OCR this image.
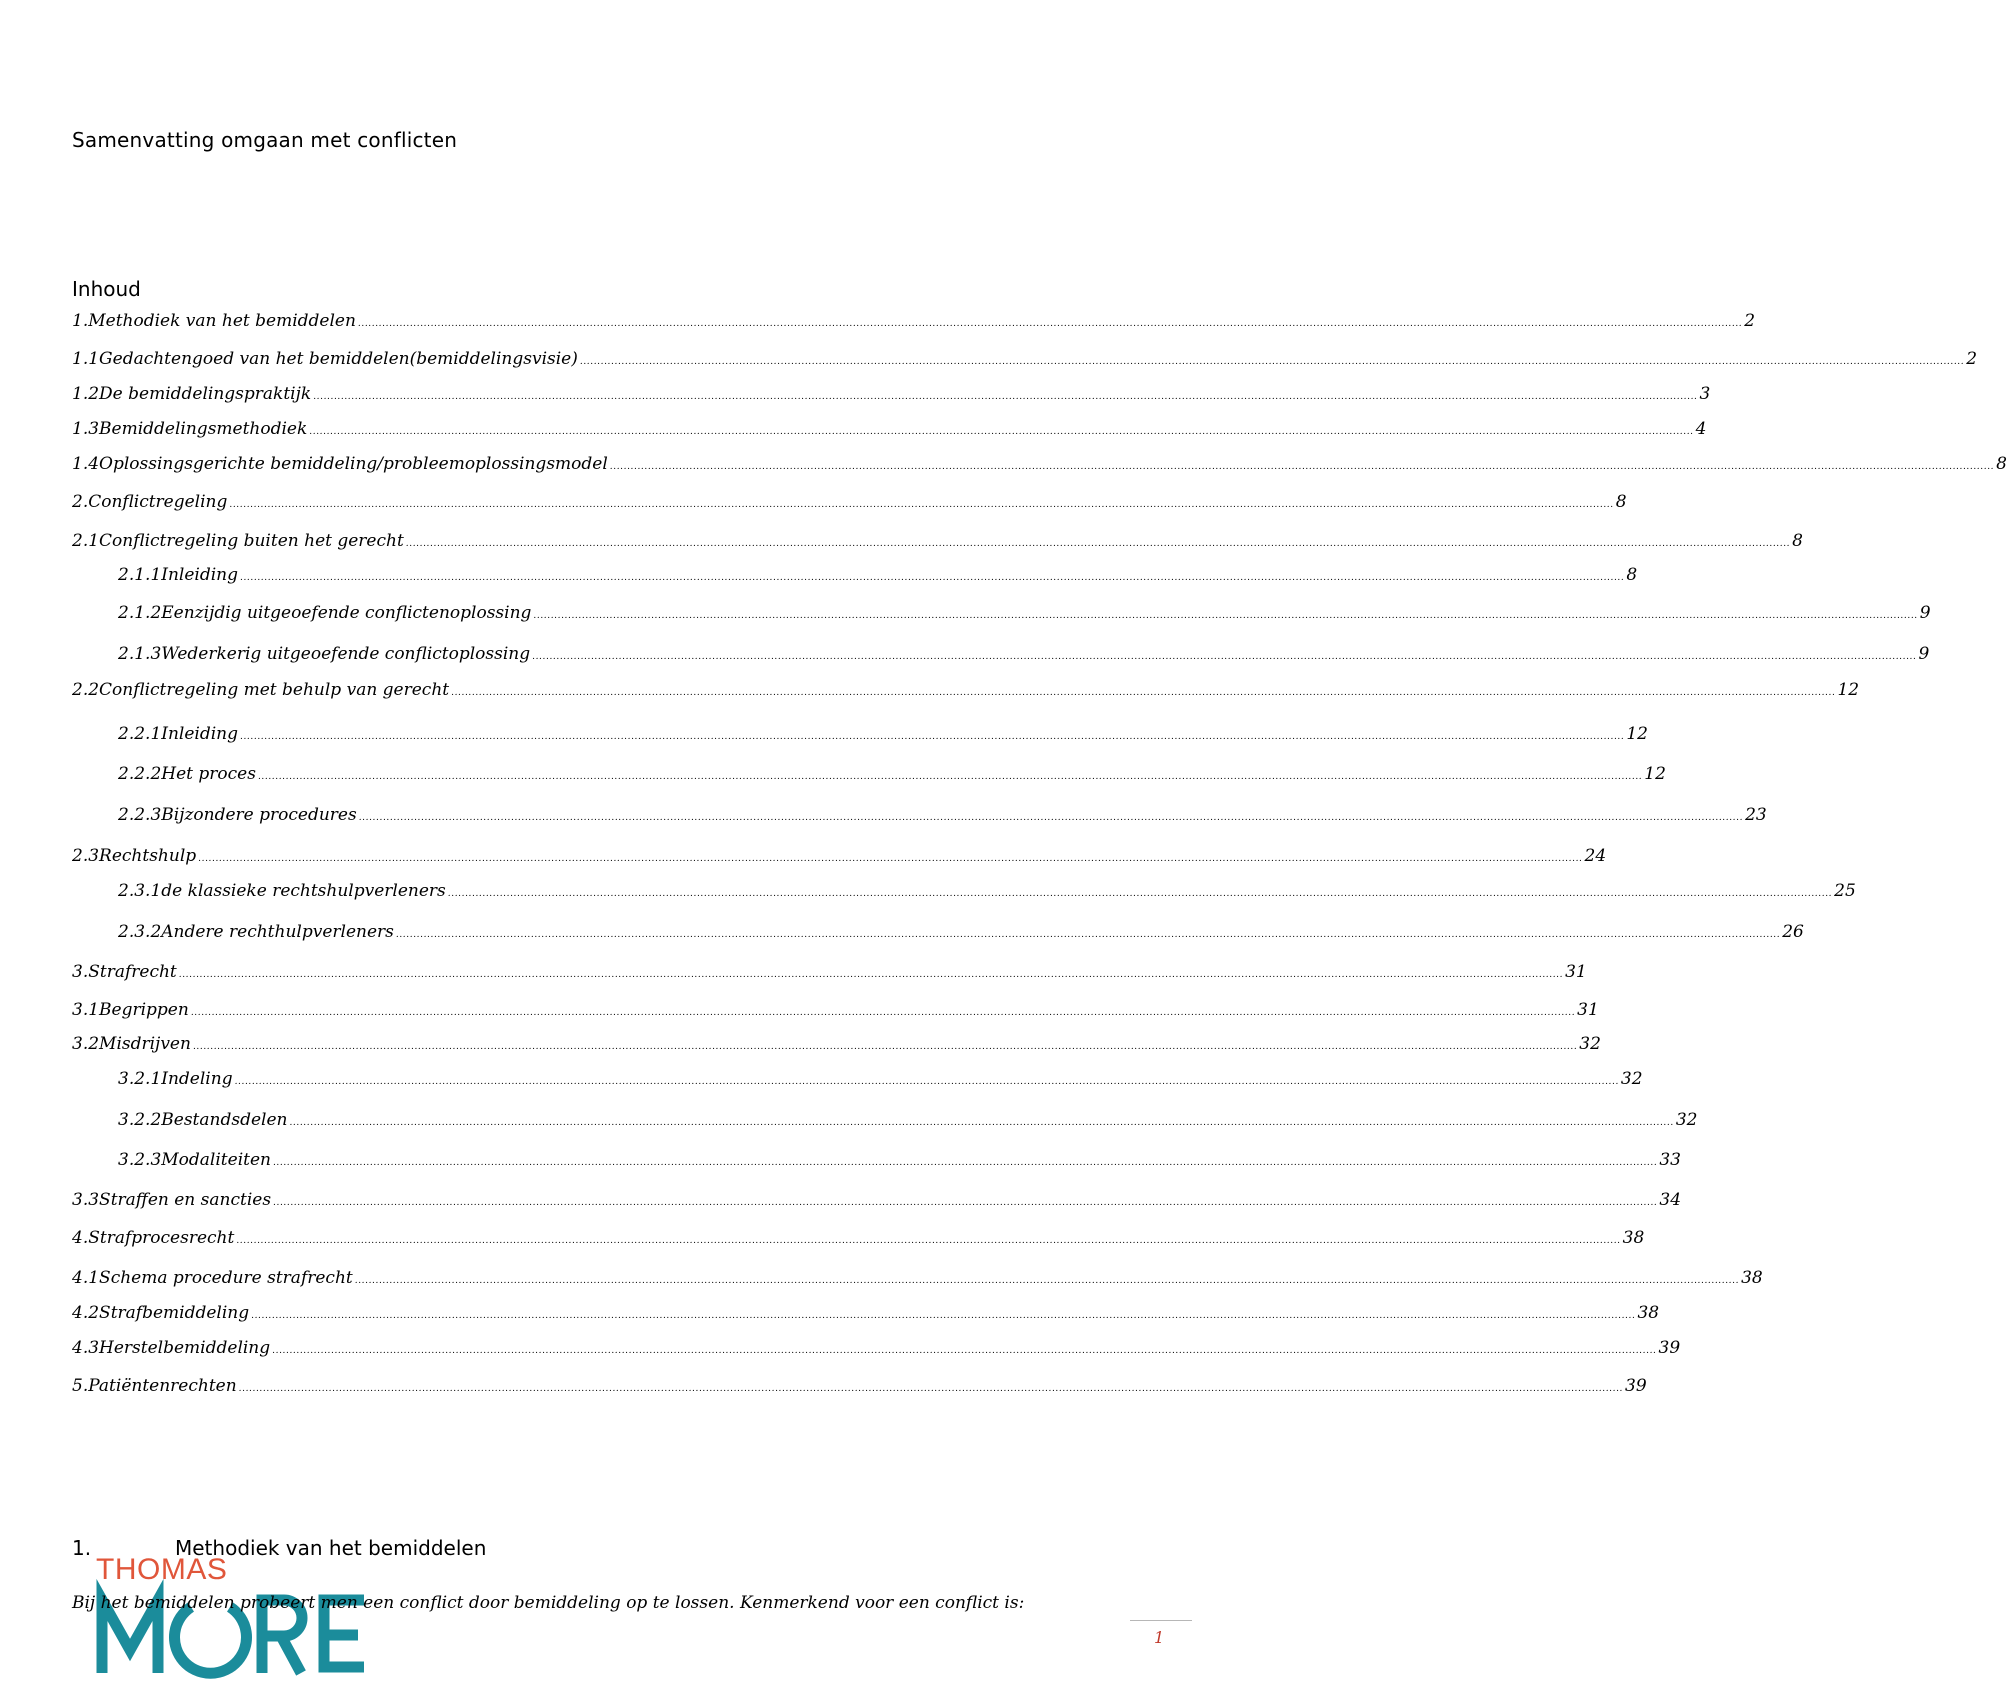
Samenvatting omgaan met conflicten
Inhoud
1. Methodiek van het bemiddelen ................................................................................................................................................................................................................................................................................................................................................................................................................ 2
1.1 Gedachtengoed van het bemiddelen(bemiddelingsvisie) ................................................................................................................................................................................................................................................................................................................................................................................................................ 2
1.2 De bemiddelingspraktijk ................................................................................................................................................................................................................................................................................................................................................................................................................ 3
1.3 Bemiddelingsmethodiek ................................................................................................................................................................................................................................................................................................................................................................................................................ 4
1.4 Oplossingsgerichte bemiddeling/probleemoplossingsmodel ................................................................................................................................................................................................................................................................................................................................................................................................................ 8
2. Conflictregeling ................................................................................................................................................................................................................................................................................................................................................................................................................ 8
2.1 Conflictregeling buiten het gerecht ................................................................................................................................................................................................................................................................................................................................................................................................................ 8
2.1.1 Inleiding ................................................................................................................................................................................................................................................................................................................................................................................................................ 8
2.1.2 Eenzijdig uitgeoefende conflictenoplossing ................................................................................................................................................................................................................................................................................................................................................................................................................ 9
2.1.3 Wederkerig uitgeoefende conflictoplossing ................................................................................................................................................................................................................................................................................................................................................................................................................ 9
2.2 Conflictregeling met behulp van gerecht ................................................................................................................................................................................................................................................................................................................................................................................................................ 12
2.2.1 Inleiding ................................................................................................................................................................................................................................................................................................................................................................................................................ 12
2.2.2 Het proces ................................................................................................................................................................................................................................................................................................................................................................................................................ 12
2.2.3 Bijzondere procedures ................................................................................................................................................................................................................................................................................................................................................................................................................ 23
2.3 Rechtshulp ................................................................................................................................................................................................................................................................................................................................................................................................................ 24
2.3.1 de klassieke rechtshulpverleners ................................................................................................................................................................................................................................................................................................................................................................................................................ 25
2.3.2 Andere rechthulpverleners ................................................................................................................................................................................................................................................................................................................................................................................................................ 26
3. Strafrecht ................................................................................................................................................................................................................................................................................................................................................................................................................ 31
3.1 Begrippen ................................................................................................................................................................................................................................................................................................................................................................................................................ 31
3.2 Misdrijven ................................................................................................................................................................................................................................................................................................................................................................................................................ 32
3.2.1 Indeling ................................................................................................................................................................................................................................................................................................................................................................................................................ 32
3.2.2 Bestandsdelen ................................................................................................................................................................................................................................................................................................................................................................................................................ 32
3.2.3 Modaliteiten ................................................................................................................................................................................................................................................................................................................................................................................................................ 33
3.3 Straffen en sancties ................................................................................................................................................................................................................................................................................................................................................................................................................ 34
4. Strafprocesrecht ................................................................................................................................................................................................................................................................................................................................................................................................................ 38
4.1 Schema procedure strafrecht ................................................................................................................................................................................................................................................................................................................................................................................................................ 38
4.2 Strafbemiddeling ................................................................................................................................................................................................................................................................................................................................................................................................................ 38
4.3 Herstelbemiddeling ................................................................................................................................................................................................................................................................................................................................................................................................................ 39
5. Patiëntenrechten ................................................................................................................................................................................................................................................................................................................................................................................................................ 39
1.	Methodiek van het bemiddelen
THOMAS
Bij het bemiddelen probeert men een conflict door bemiddeling op te lossen. Kenmerkend voor een conflict is:
1
